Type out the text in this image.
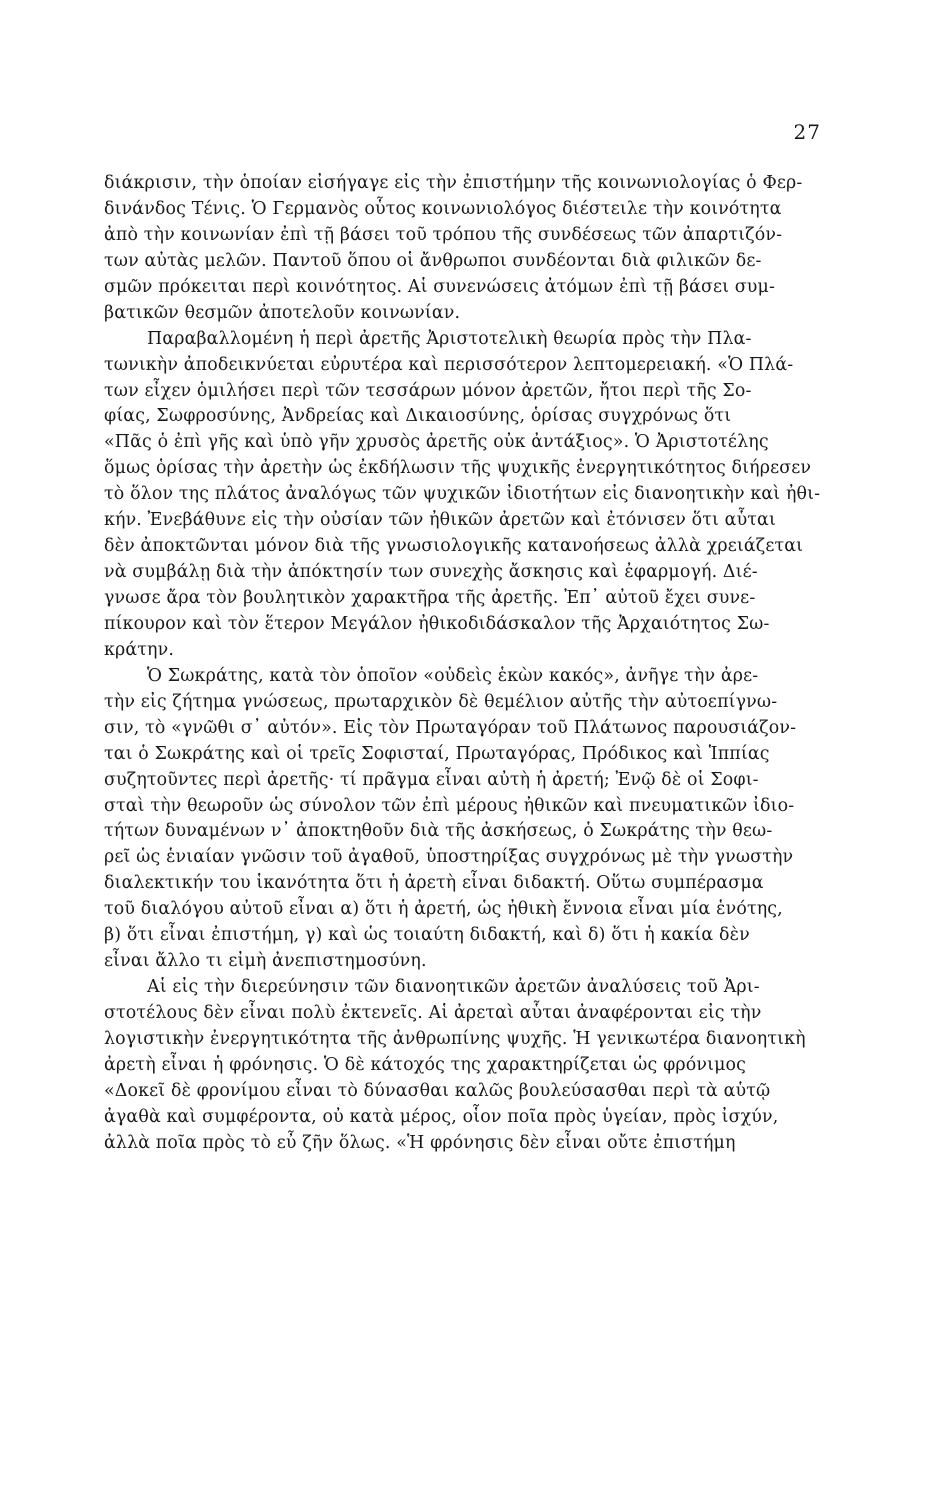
27
διάκρισιν, τὴν ὁποίαν εἰσήγαγε εἰς τὴν ἐπιστήμην τῆς κοινωνιολογίας ὁ Φερ-
δινάνδος Τένις. Ὁ Γερμανὸς οὗτος κοινωνιολόγος διέστειλε τὴν κοινότητα
ἀπὸ τὴν κοινωνίαν ἐπὶ τῇ βάσει τοῦ τρόπου τῆς συνδέσεως τῶν ἀπαρτιζόν-
των αὐτὰς μελῶν. Παντοῦ ὅπου οἱ ἄνθρωποι συνδέονται διὰ φιλικῶν δε-
σμῶν πρόκειται περὶ κοινότητος. Αἱ συνενώσεις ἀτόμων ἐπὶ τῇ βάσει συμ-
βατικῶν θεσμῶν ἀποτελοῦν κοινωνίαν.
Παραβαλλομένη ἡ περὶ ἀρετῆς Ἀριστοτελικὴ θεωρία πρὸς τὴν Πλα-
τωνικὴν ἀποδεικνύεται εὐρυτέρα καὶ περισσότερον λεπτομερειακή. «Ὁ Πλά-
των εἶχεν ὁμιλήσει περὶ τῶν τεσσάρων μόνον ἀρετῶν, ἤτοι περὶ τῆς Σο-
φίας, Σωφροσύνης, Ἀνδρείας καὶ Δικαιοσύνης, ὁρίσας συγχρόνως ὅτι
«Πᾶς ὁ ἐπὶ γῆς καὶ ὑπὸ γῆν χρυσὸς ἀρετῆς οὐκ ἀντάξιος». Ὁ Ἀριστοτέλης
ὅμως ὁρίσας τὴν ἀρετὴν ὡς ἐκδήλωσιν τῆς ψυχικῆς ἐνεργητικότητος διήρεσεν
τὸ ὅλον της πλάτος ἀναλόγως τῶν ψυχικῶν ἰδιοτήτων εἰς διανοητικὴν καὶ ἠθι-
κήν. Ἐνεβάθυνε εἰς τὴν οὐσίαν τῶν ἠθικῶν ἀρετῶν καὶ ἐτόνισεν ὅτι αὗται
δὲν ἀποκτῶνται μόνον διὰ τῆς γνωσιολογικῆς κατανοήσεως ἀλλὰ χρειάζεται
νὰ συμβάλῃ διὰ τὴν ἀπόκτησίν των συνεχὴς ἄσκησις καὶ ἐφαρμογή. Διέ-
γνωσε ἄρα τὸν βουλητικὸν χαρακτῆρα τῆς ἀρετῆς. Ἐπ᾽ αὐτοῦ ἔχει συνε-
πίκουρον καὶ τὸν ἕτερον Μεγάλον ἠθικοδιδάσκαλον τῆς Ἀρχαιότητος Σω-
κράτην.
Ὁ Σωκράτης, κατὰ τὸν ὁποῖον «οὐδεὶς ἑκὼν κακός», ἀνῆγε τὴν ἀρε-
τὴν εἰς ζήτημα γνώσεως, πρωταρχικὸν δὲ θεμέλιον αὐτῆς τὴν αὐτοεπίγνω-
σιν, τὸ «γνῶθι σ᾽ αὐτόν». Εἰς τὸν Πρωταγόραν τοῦ Πλάτωνος παρουσιάζον-
ται ὁ Σωκράτης καὶ οἱ τρεῖς Σοφισταί, Πρωταγόρας, Πρόδικος καὶ Ἱππίας
συζητοῦντες περὶ ἀρετῆς· τί πρᾶγμα εἶναι αὐτὴ ἡ ἀρετή; Ἐνῷ δὲ οἱ Σοφι-
σταὶ τὴν θεωροῦν ὡς σύνολον τῶν ἐπὶ μέρους ἠθικῶν καὶ πνευματικῶν ἰδιο-
τήτων δυναμένων ν᾽ ἀποκτηθοῦν διὰ τῆς ἀσκήσεως, ὁ Σωκράτης τὴν θεω-
ρεῖ ὡς ἑνιαίαν γνῶσιν τοῦ ἀγαθοῦ, ὑποστηρίξας συγχρόνως μὲ τὴν γνωστὴν
διαλεκτικήν του ἱκανότητα ὅτι ἡ ἀρετὴ εἶναι διδακτή. Οὕτω συμπέρασμα
τοῦ διαλόγου αὐτοῦ εἶναι α) ὅτι ἡ ἀρετή, ὡς ἠθικὴ ἔννοια εἶναι μία ἑνότης,
β) ὅτι εἶναι ἐπιστήμη, γ) καὶ ὡς τοιαύτη διδακτή, καὶ δ) ὅτι ἡ κακία δὲν
εἶναι ἄλλο τι εἰμὴ ἀνεπιστημοσύνη.
Αἱ εἰς τὴν διερεύνησιν τῶν διανοητικῶν ἀρετῶν ἀναλύσεις τοῦ Ἀρι-
στοτέλους δὲν εἶναι πολὺ ἐκτενεῖς. Αἱ ἀρεταὶ αὗται ἀναφέρονται εἰς τὴν
λογιστικὴν ἐνεργητικότητα τῆς ἀνθρωπίνης ψυχῆς. Ἡ γενικωτέρα διανοητικὴ
ἀρετὴ εἶναι ἡ φρόνησις. Ὁ δὲ κάτοχός της χαρακτηρίζεται ὡς φρόνιμος
«Δοκεῖ δὲ φρονίμου εἶναι τὸ δύνασθαι καλῶς βουλεύσασθαι περὶ τὰ αὑτῷ
ἀγαθὰ καὶ συμφέροντα, οὐ κατὰ μέρος, οἷον ποῖα πρὸς ὑγείαν, πρὸς ἰσχύν,
ἀλλὰ ποῖα πρὸς τὸ εὖ ζῆν ὅλως. «Ἡ φρόνησις δὲν εἶναι οὔτε ἐπιστήμη
